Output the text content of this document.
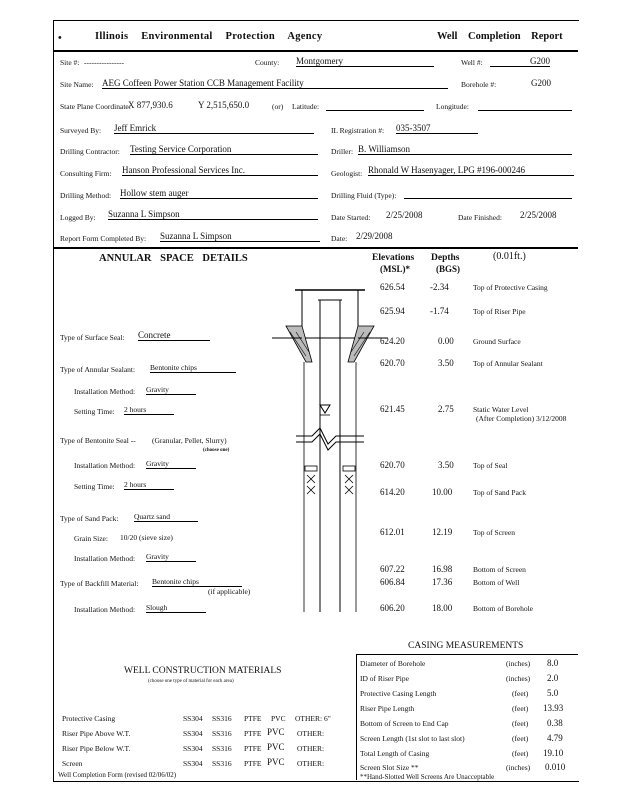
•	Illinois Environmental Protection Agency	Well Completion Report
Site #: ----------------	County: Montgomery	Well #:	G200
Site Name: AEG Coffeen Power Station CCB Management Facility	Borehole #:	G200
State Plane Coordinate:
X 877,930.6	Y 2,515,650.0	(or) Latitude:	Longitude:
Surveyed By: Jeff Emrick	IL Registration #: 035-3507
Drilling Contractor: Testing Service Corporation	Driller: B. Williamson
Consulting Firm: Hanson Professional Services Inc.	Geologist: Rhonald W Hasenyager, LPG #196-000246
Drilling Method: Hollow stem auger	Drilling Fluid (Type):
Logged By: Suzanna L Simpson	Date Started: 2/25/2008	Date Finished: 2/25/2008
Report Form Completed By: Suzanna L Simpson	Date: 2/29/2008
ANNULAR SPACE DETAILS	Elevations
(MSL)*
Depths
(BGS)
(0.01ft.)
626.54	-2.34	Top of Protective Casing
625.94	-1.74	Top of Riser Pipe
624.20	0.00	Ground Surface
620.70	3.50	Top of Annular Sealant
621.45	2.75	Static Water Level
(After Completion) 3/12/2008
620.70	3.50	Top of Seal
614.20	10.00	Top of Sand Pack
612.01	12.19	Top of Screen
607.22	16.98	Bottom of Screen
606.84	17.36	Bottom of Well
606.20	18.00	Bottom of Borehole
Type of Surface Seal: Concrete
Type of Annular Sealant: Bentonite chips
Installation Method: Gravity
Setting Time: 2 hours
Type of Bentonite Seal -- (Granular, Pellet, Slurry)
(choose one)
Installation Method: Gravity
Setting Time: 2 hours
Type of Sand Pack: Quartz sand
Grain Size: 10/20 (sieve size)
Installation Method: Gravity
Type of Backfill Material: Bentonite chips
(if applicable)
Installation Method: Slough
CASING MEASUREMENTS
Diameter of Borehole	(inches) 8.0
ID of Riser Pipe	(inches) 2.0
Protective Casing Length	(feet) 5.0
Riser Pipe Length	(feet) 13.93
Bottom of Screen to End Cap	(feet) 0.38
Screen Length (1st slot to last slot)	(feet) 4.79
Total Length of Casing	(feet) 19.10
Screen Slot Size **	(inches) 0.010
**Hand-Slotted Well Screens Are Unacceptable
WELL CONSTRUCTION MATERIALS
(choose one type of material for each area)
Protective Casing	SS304 SS316 PTFE PVC OTHER: 6"
Riser Pipe Above W.T.	SS304 SS316 PTFE PVC OTHER:
Riser Pipe Below W.T.	SS304 SS316 PTFE PVC OTHER:
Screen	SS304 SS316 PTFE PVC OTHER:
Well Completion Form (revised 02/06/02)
